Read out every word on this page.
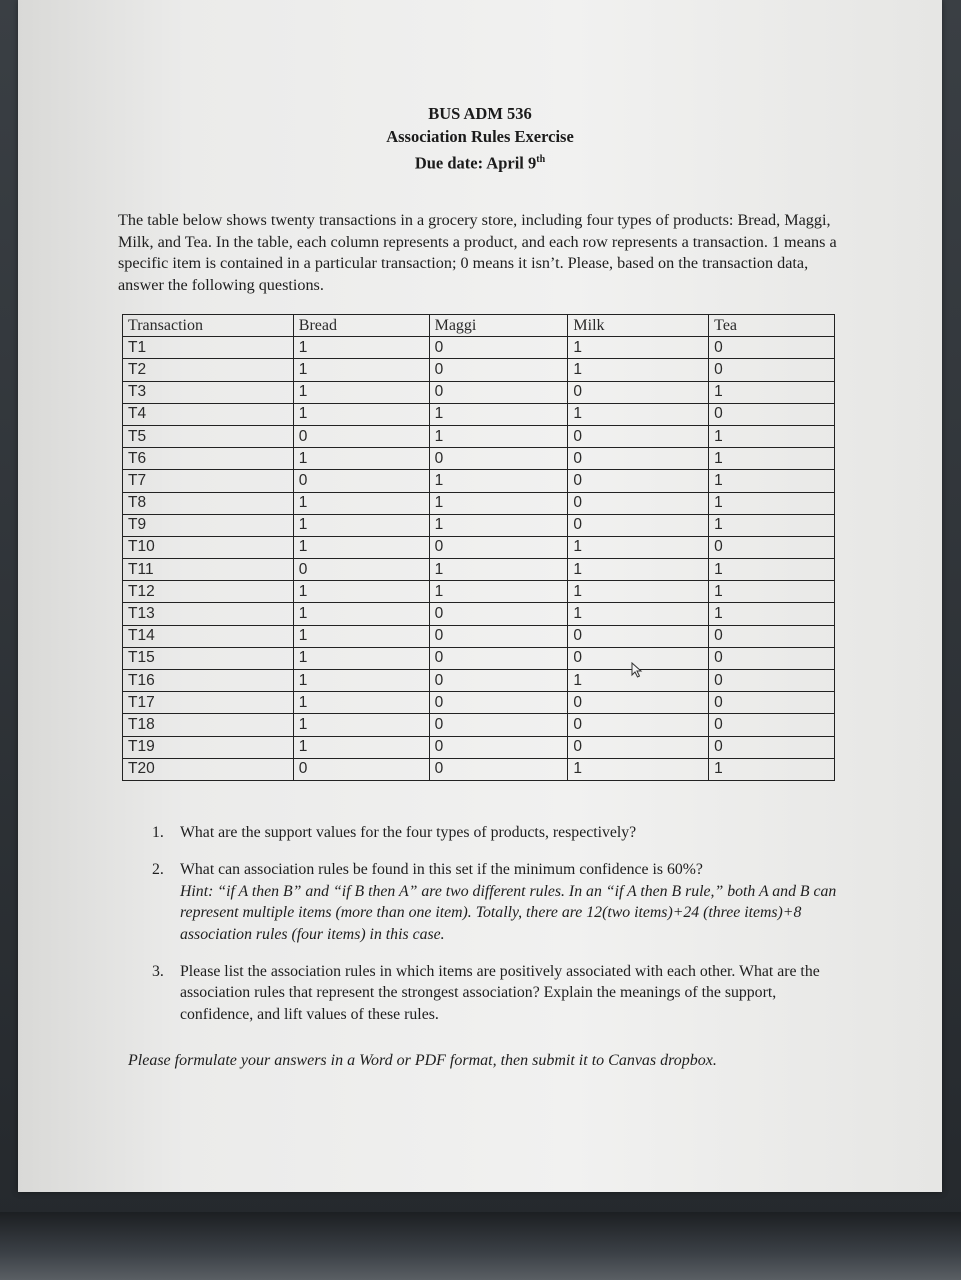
BUS ADM 536
Association Rules Exercise
Due date: April 9th
The table below shows twenty transactions in a grocery store, including four types of products: Bread, Maggi, Milk, and Tea. In the table, each column represents a product, and each row represents a transaction. 1 means a specific item is contained in a particular transaction; 0 means it isn’t. Please, based on the transaction data, answer the following questions.
Transaction	Bread	Maggi	Milk	Tea
T1	1	0	1	0
T2	1	0	1	0
T3	1	0	0	1
T4	1	1	1	0
T5	0	1	0	1
T6	1	0	0	1
T7	0	1	0	1
T8	1	1	0	1
T9	1	1	0	1
T10	1	0	1	0
T11	0	1	1	1
T12	1	1	1	1
T13	1	0	1	1
T14	1	0	0	0
T15	1	0	0	0
T16	1	0	1	0
T17	1	0	0	0
T18	1	0	0	0
T19	1	0	0	0
T20	0	0	1	1
1.	What are the support values for the four types of products, respectively?
2.	What can association rules be found in this set if the minimum confidence is 60%?
Hint: “if A then B” and “if B then A” are two different rules. In an “if A then B rule,” both A and B can represent multiple items (more than one item). Totally, there are 12(two items)+24 (three items)+8 association rules (four items) in this case.
3.	Please list the association rules in which items are positively associated with each other. What are the association rules that represent the strongest association? Explain the meanings of the support, confidence, and lift values of these rules.
Please formulate your answers in a Word or PDF format, then submit it to Canvas dropbox.
